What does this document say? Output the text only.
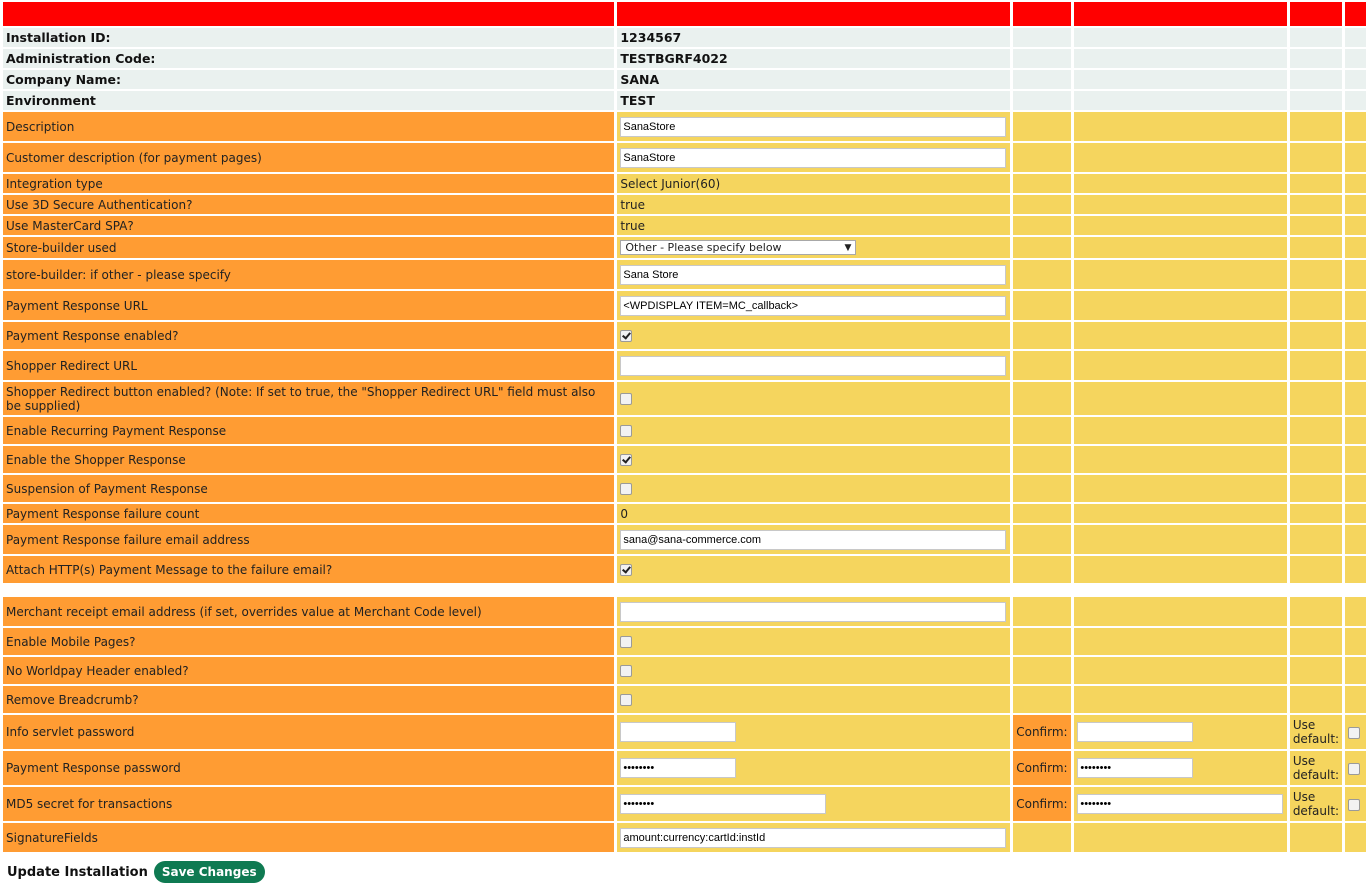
Installation ID:	1234567				
Administration Code:	TESTBGRF4022				
Company Name:	SANA				
Environment	TEST				
Description	SanaStore				
Customer description (for payment pages)	SanaStore				
Integration type	Select Junior(60)				
Use 3D Secure Authentication?	true				
Use MasterCard SPA?	true				
Store-builder used	Other - Please specify below ▼				

store-builder: if other - please specify	Sana Store				
Payment Response URL	<WPDISPLAY ITEM=MC_callback>				
Payment Response enabled?					
Shopper Redirect URL					
Shopper Redirect button enabled? (Note: If set to true, the "Shopper Redirect URL" field must also be supplied)					
Enable Recurring Payment Response					
Enable the Shopper Response					
Suspension of Payment Response					
Payment Response failure count	0				
Payment Response failure email address	sana@sana-commerce.com				
Attach HTTP(s) Payment Message to the failure email?					

Merchant receipt email address (if set, overrides value at Merchant Code level)					
Enable Mobile Pages?					
No Worldpay Header enabled?					
Remove Breadcrumb?					
Info servlet password		Confirm:		Use default:	
Payment Response password	••••••••	Confirm:	••••••••	Use default:	
MD5 secret for transactions	••••••••	Confirm:	••••••••	Use default:	
SignatureFields	amount:currency:cartId:instId				
Update Installation	Save Changes
